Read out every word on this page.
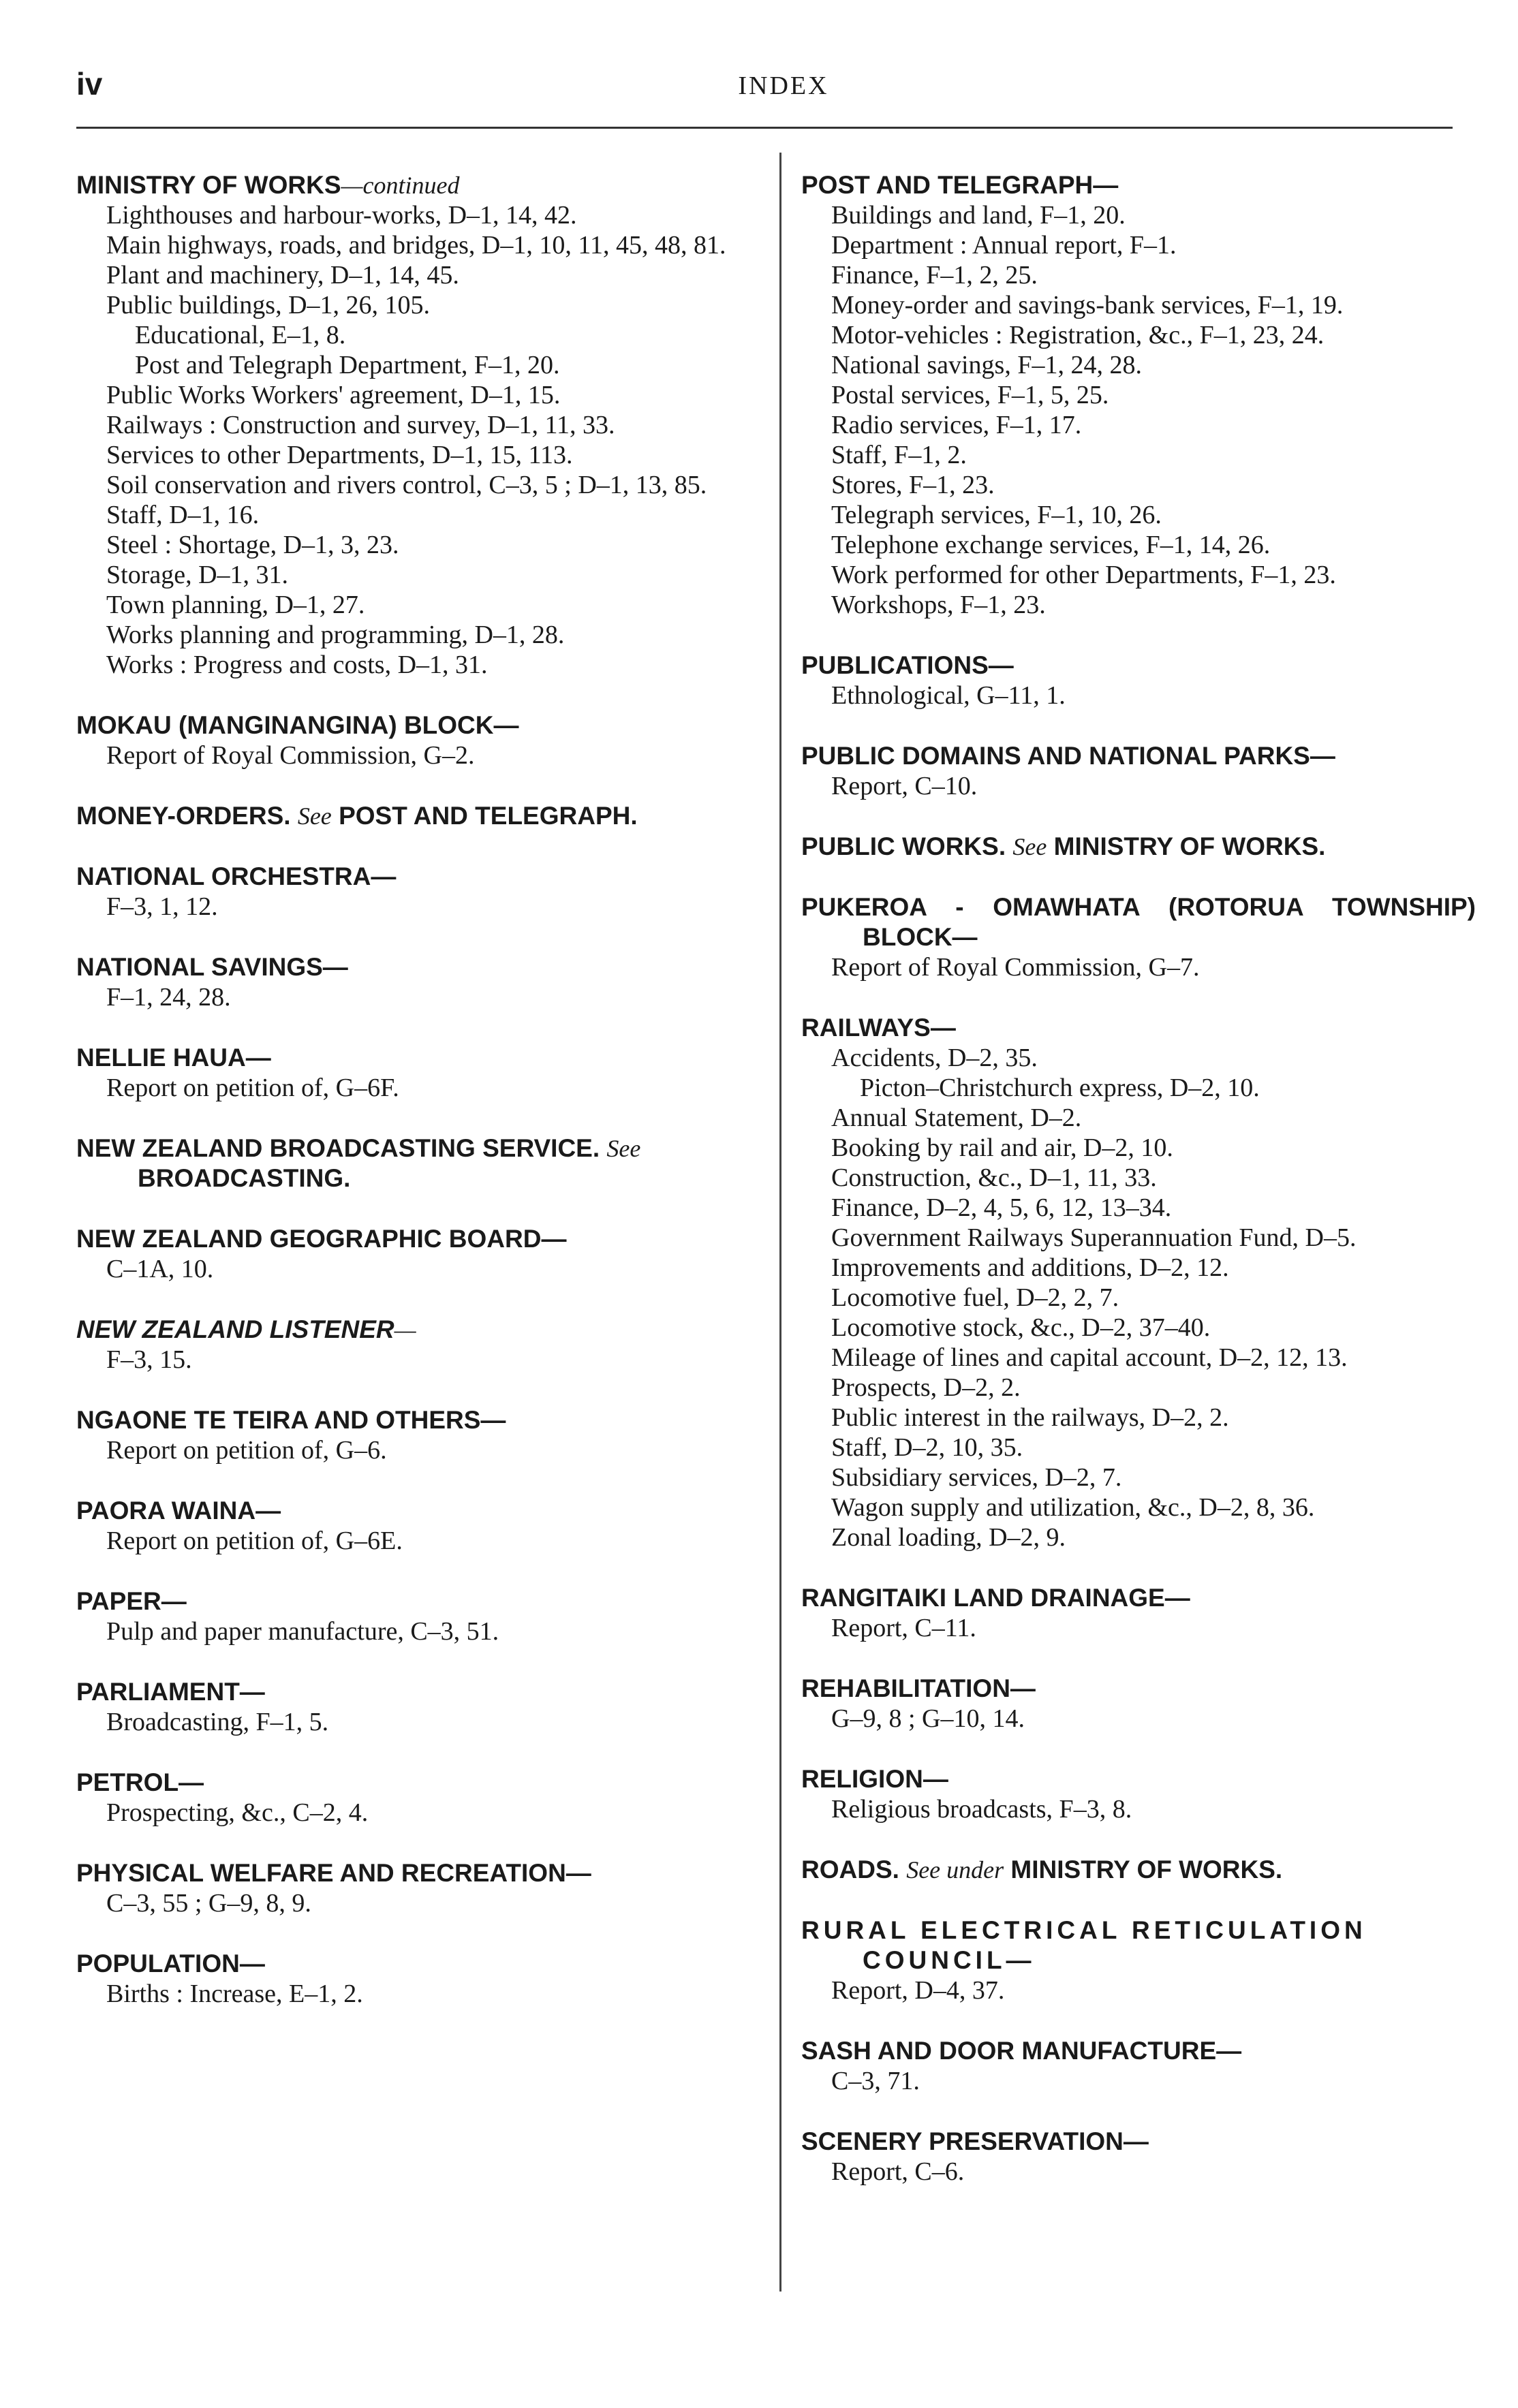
iv	INDEX
MINISTRY OF WORKS—continued
Lighthouses and harbour-works, D–1, 14, 42.
Main highways, roads, and bridges, D–1, 10, 11, 45, 48, 81.
Plant and machinery, D–1, 14, 45.
Public buildings, D–1, 26, 105.
Educational, E–1, 8.
Post and Telegraph Department, F–1, 20.
Public Works Workers' agreement, D–1, 15.
Railways : Construction and survey, D–1, 11, 33.
Services to other Departments, D–1, 15, 113.
Soil conservation and rivers control, C–3, 5 ; D–1, 13, 85.
Staff, D–1, 16.
Steel : Shortage, D–1, 3, 23.
Storage, D–1, 31.
Town planning, D–1, 27.
Works planning and programming, D–1, 28.
Works : Progress and costs, D–1, 31.
MOKAU (MANGINANGINA) BLOCK—
Report of Royal Commission, G–2.
MONEY-ORDERS. See POST AND TELEGRAPH.
NATIONAL ORCHESTRA—
F–3, 1, 12.
NATIONAL SAVINGS—
F–1, 24, 28.
NELLIE HAUA—
Report on petition of, G–6F.
NEW ZEALAND BROADCASTING SERVICE. See BROADCASTING.
NEW ZEALAND GEOGRAPHIC BOARD—
C–1A, 10.
NEW ZEALAND LISTENER—
F–3, 15.
NGAONE TE TEIRA AND OTHERS—
Report on petition of, G–6.
PAORA WAINA—
Report on petition of, G–6E.
PAPER—
Pulp and paper manufacture, C–3, 51.
PARLIAMENT—
Broadcasting, F–1, 5.
PETROL—
Prospecting, &c., C–2, 4.
PHYSICAL WELFARE AND RECREATION—
C–3, 55 ; G–9, 8, 9.
POPULATION—
Births : Increase, E–1, 2.
POST AND TELEGRAPH—
Buildings and land, F–1, 20.
Department : Annual report, F–1.
Finance, F–1, 2, 25.
Money-order and savings-bank services, F–1, 19.
Motor-vehicles : Registration, &c., F–1, 23, 24.
National savings, F–1, 24, 28.
Postal services, F–1, 5, 25.
Radio services, F–1, 17.
Staff, F–1, 2.
Stores, F–1, 23.
Telegraph services, F–1, 10, 26.
Telephone exchange services, F–1, 14, 26.
Work performed for other Departments, F–1, 23.
Workshops, F–1, 23.
PUBLICATIONS—
Ethnological, G–11, 1.
PUBLIC DOMAINS AND NATIONAL PARKS—
Report, C–10.
PUBLIC WORKS. See MINISTRY OF WORKS.
PUKEROA - OMAWHATA (ROTORUA TOWNSHIP) BLOCK—
Report of Royal Commission, G–7.
RAILWAYS—
Accidents, D–2, 35.
Picton–Christchurch express, D–2, 10.
Annual Statement, D–2.
Booking by rail and air, D–2, 10.
Construction, &c., D–1, 11, 33.
Finance, D–2, 4, 5, 6, 12, 13–34.
Government Railways Superannuation Fund, D–5.
Improvements and additions, D–2, 12.
Locomotive fuel, D–2, 2, 7.
Locomotive stock, &c., D–2, 37–40.
Mileage of lines and capital account, D–2, 12, 13.
Prospects, D–2, 2.
Public interest in the railways, D–2, 2.
Staff, D–2, 10, 35.
Subsidiary services, D–2, 7.
Wagon supply and utilization, &c., D–2, 8, 36.
Zonal loading, D–2, 9.
RANGITAIKI LAND DRAINAGE—
Report, C–11.
REHABILITATION—
G–9, 8 ; G–10, 14.
RELIGION—
Religious broadcasts, F–3, 8.
ROADS. See under MINISTRY OF WORKS.
RURAL ELECTRICAL RETICULATION COUNCIL—
Report, D–4, 37.
SASH AND DOOR MANUFACTURE—
C–3, 71.
SCENERY PRESERVATION—
Report, C–6.
